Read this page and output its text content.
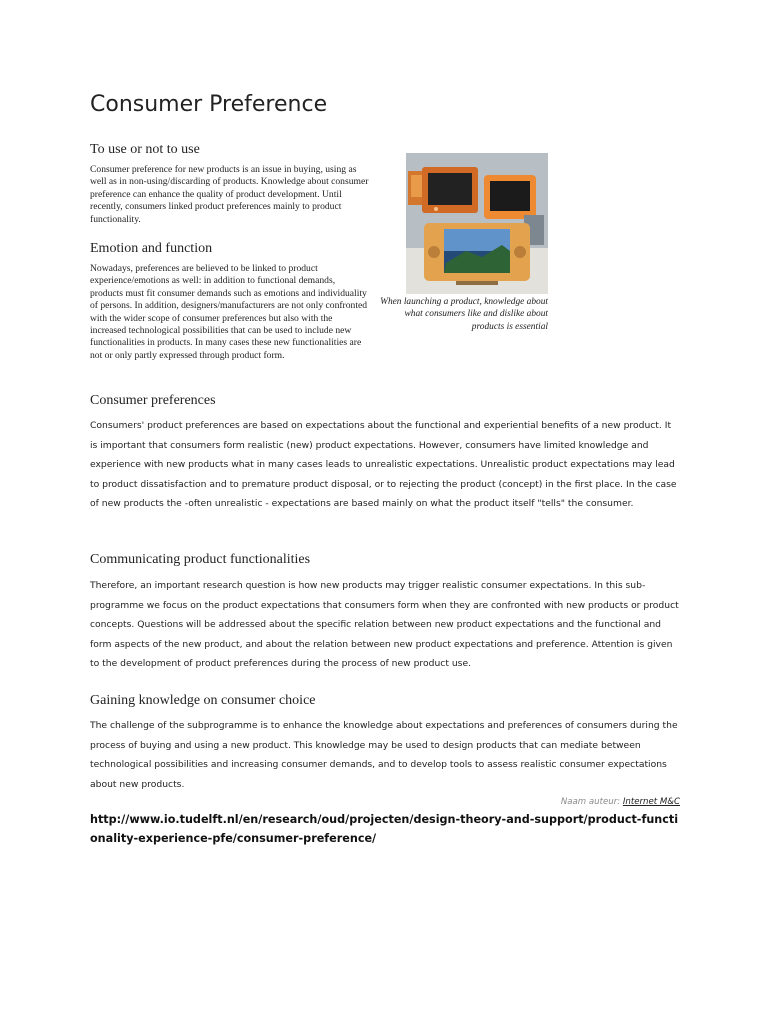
Consumer Preference
To use or not to use

Consumer preference for new products is an issue in buying, using as well as in non-using/discarding of products. Knowledge about consumer preference can enhance the quality of product development. Until recently, consumers linked product preferences mainly to product functionality.

Emotion and function

Nowadays, preferences are believed to be linked to product experience/emotions as well: in addition to functional demands, products must fit consumer demands such as emotions and individuality of persons. In addition, designers/manufacturers are not only confronted with the wider scope of consumer preferences but also with the increased technological possibilities that can be used to include new functionalities in products. In many cases these new functionalities are not or only partly expressed through product form.

When launching a product, knowledge about what consumers like and dislike about products is essential

Consumer preferences

Consumers' product preferences are based on expectations about the functional and experiential benefits of a new product. It is important that consumers form realistic (new) product expectations. However, consumers have limited knowledge and experience with new products what in many cases leads to unrealistic expectations. Unrealistic product expectations may lead to product dissatisfaction and to premature product disposal, or to rejecting the product (concept) in the first place. In the case of new products the -often unrealistic - expectations are based mainly on what the product itself "tells" the consumer.

Communicating product functionalities

Therefore, an important research question is how new products may trigger realistic consumer expectations. In this sub-programme we focus on the product expectations that consumers form when they are confronted with new products or product concepts. Questions will be addressed about the specific relation between new product expectations and the functional and form aspects of the new product, and about the relation between new product expectations and preference. Attention is given to the development of product preferences during the process of new product use.

Gaining knowledge on consumer choice

The challenge of the subprogramme is to enhance the knowledge about expectations and preferences of consumers during the process of buying and using a new product. This knowledge may be used to design products that can mediate between technological possibilities and increasing consumer demands, and to develop tools to assess realistic consumer expectations about new products.

Naam auteur: Internet M&C

http://www.io.tudelft.nl/en/research/oud/projecten/design-theory-and-support/product-functionality-experience-pfe/consumer-preference/
